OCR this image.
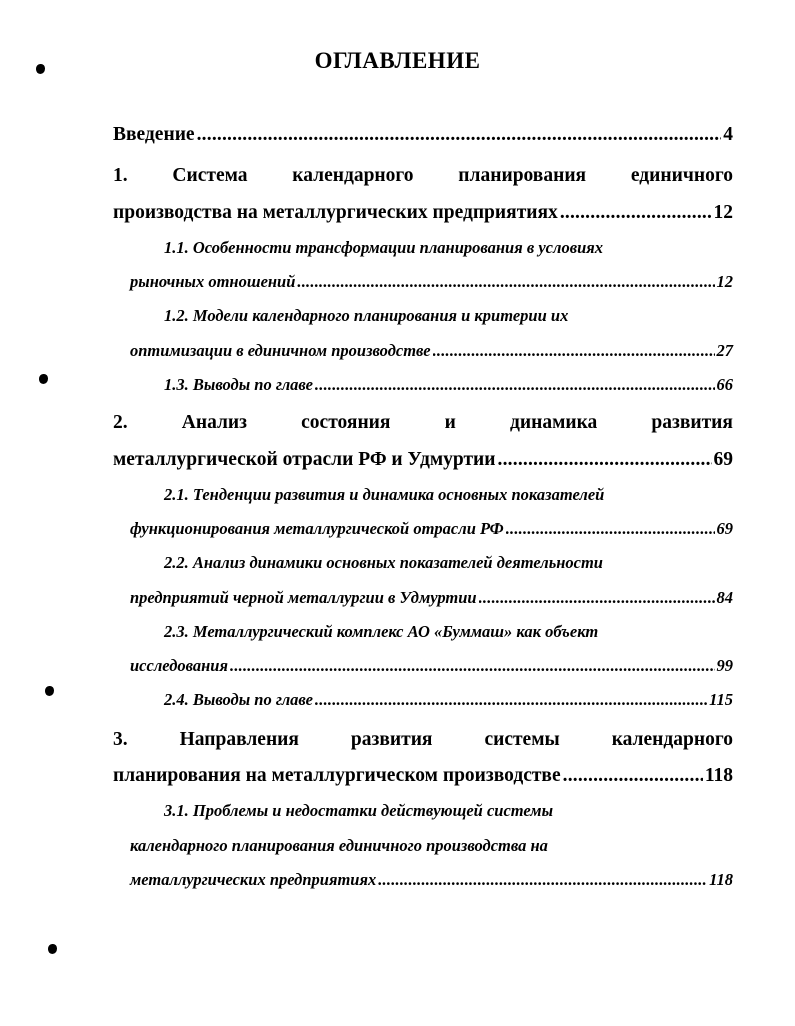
ОГЛАВЛЕНИЕ
Введение .....	4
1. Система календарного планирования единичного
производства на металлургических предприятиях .....	12
1.1. Особенности трансформации планирования в условиях
рыночных отношений .....	12
1.2. Модели календарного планирования и критерии их
оптимизации в единичном производстве .....	27
1.3. Выводы по главе .....	66
2.	Анализ	состояния	и	динамика	развития
металлургической отрасли РФ и Удмуртии .....	69
2.1. Тенденции развития и динамика основных показателей
функционирования металлургической отрасли РФ .....	69
2.2. Анализ динамики основных показателей деятельности
предприятий черной металлургии в Удмуртии .....	84
2.3. Металлургический комплекс АО «Буммаш» как объект
исследования .....	99
2.4. Выводы по главе .....	115
3.	Направления	развития	системы	календарного
планирования на металлургическом производстве .....	118
3.1. Проблемы и недостатки действующей системы
календарного планирования единичного производства на
металлургических предприятиях .....	118
